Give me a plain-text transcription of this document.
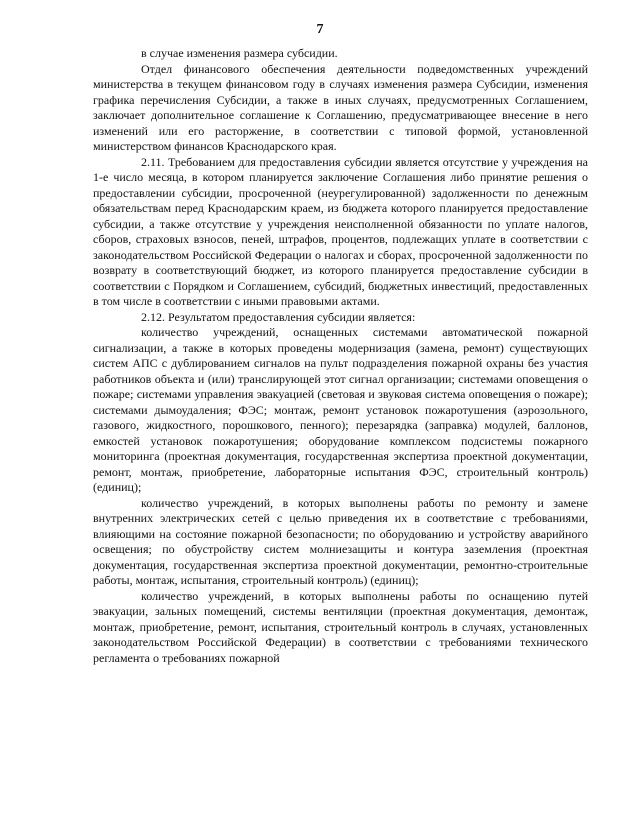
7

в случае изменения размера субсидии.

Отдел финансового обеспечения деятельности подведомственных учреждений министерства в текущем финансовом году в случаях изменения размера Субсидии, изменения графика перечисления Субсидии, а также в иных случаях, предусмотренных Соглашением, заключает дополнительное соглашение к Соглашению, предусматривающее внесение в него изменений или его расторжение, в соответствии с типовой формой, установленной министерством финансов Краснодарского края.

2.11. Требованием для предоставления субсидии является отсутствие у учреждения на 1-е число месяца, в котором планируется заключение Соглашения либо принятие решения о предоставлении субсидии, просроченной (неурегулированной) задолженности по денежным обязательствам перед Краснодарским краем, из бюджета которого планируется предоставление субсидии, а также отсутствие у учреждения неисполненной обязанности по уплате налогов, сборов, страховых взносов, пеней, штрафов, процентов, подлежащих уплате в соответствии с законодательством Российской Федерации о налогах и сборах, просроченной задолженности по возврату в соответствующий бюджет, из которого планируется предоставление субсидии в соответствии с Порядком и Соглашением, субсидий, бюджетных инвестиций, предоставленных в том числе в соответствии с иными правовыми актами.

2.12. Результатом предоставления субсидии является:

количество учреждений, оснащенных системами автоматической пожарной сигнализации, а также в которых проведены модернизация (замена, ремонт) существующих систем АПС с дублированием сигналов на пульт подразделения пожарной охраны без участия работников объекта и (или) транслирующей этот сигнал организации; системами оповещения о пожаре; системами управления эвакуацией (световая и звуковая система оповещения о пожаре); системами дымоудаления; ФЭС; монтаж, ремонт установок пожаротушения (аэрозольного, газового, жидкостного, порошкового, пенного); перезарядка (заправка) модулей, баллонов, емкостей установок пожаротушения; оборудование комплексом подсистемы пожарного мониторинга (проектная документация, государственная экспертиза проектной документации, ремонт, монтаж, приобретение, лабораторные испытания ФЭС, строительный контроль) (единиц);

количество учреждений, в которых выполнены работы по ремонту и замене внутренних электрических сетей с целью приведения их в соответствие с требованиями, влияющими на состояние пожарной безопасности; по оборудованию и устройству аварийного освещения; по обустройству систем молниезащиты и контура заземления (проектная документация, государственная экспертиза проектной документации, ремонтно-строительные работы, монтаж, испытания, строительный контроль) (единиц);

количество учреждений, в которых выполнены работы по оснащению путей эвакуации, зальных помещений, системы вентиляции (проектная документация, демонтаж, монтаж, приобретение, ремонт, испытания, строительный контроль в случаях, установленных законодательством Российской Федерации) в соответствии с требованиями технического регламента о требованиях пожарной
